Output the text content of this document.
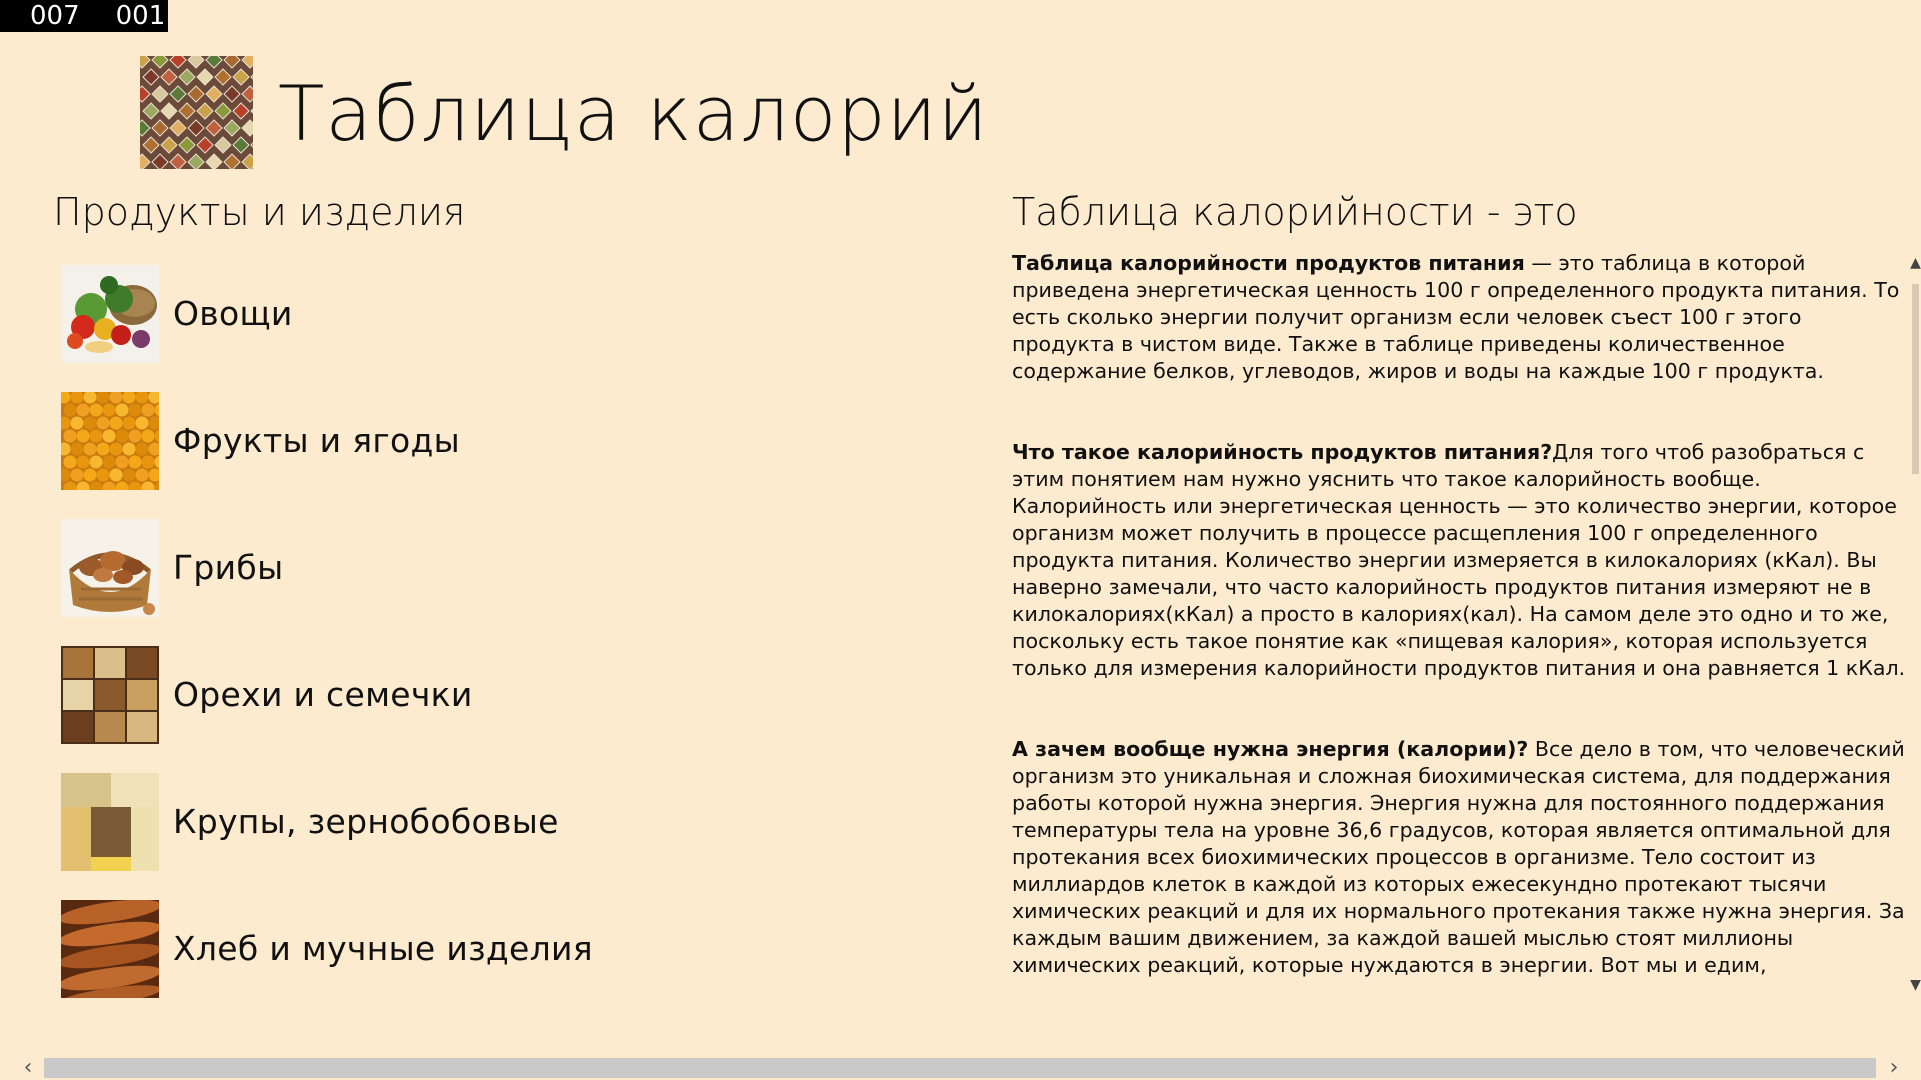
007 001
Таблица калорий
Продукты и изделия	Таблица калорийности - это
Овощи
Фрукты и ягоды
Грибы
Орехи и семечки
Крупы, зернобобовые
Хлеб и мучные изделия

Таблица калорийности продуктов питания — это таблица в которой приведена энергетическая ценность 100 г определенного продукта питания. То есть сколько энергии получит организм если человек съест 100 г этого продукта в чистом виде. Также в таблице приведены количественное содержание белков, углеводов, жиров и воды на каждые 100 г продукта.

Что такое калорийность продуктов питания?Для того чтоб разобраться с этим понятием нам нужно уяснить что такое калорийность вообще. Калорийность или энергетическая ценность — это количество энергии, которое организм может получить в процессе расщепления 100 г определенного продукта питания. Количество энергии измеряется в килокалориях (кКал). Вы наверно замечали, что часто калорийность продуктов питания измеряют не в килокалориях(кКал) а просто в калориях(кал). На самом деле это одно и то же, поскольку есть такое понятие как «пищевая калория», которая используется только для измерения калорийности продуктов питания и она равняется 1 кКал.

А зачем вообще нужна энергия (калории)? Все дело в том, что человеческий организм это уникальная и сложная биохимическая система, для поддержания работы которой нужна энергия. Энергия нужна для постоянного поддержания температуры тела на уровне 36,6 градусов, которая является оптимальной для протекания всех биохимических процессов в организме. Тело состоит из миллиардов клеток в каждой из которых ежесекундно протекают тысячи химических реакций и для их нормального протекания также нужна энергия. За каждым вашим движением, за каждой вашей мыслью стоят миллионы химических реакций, которые нуждаются в энергии. Вот мы и едим,

▲
▼
‹	›
